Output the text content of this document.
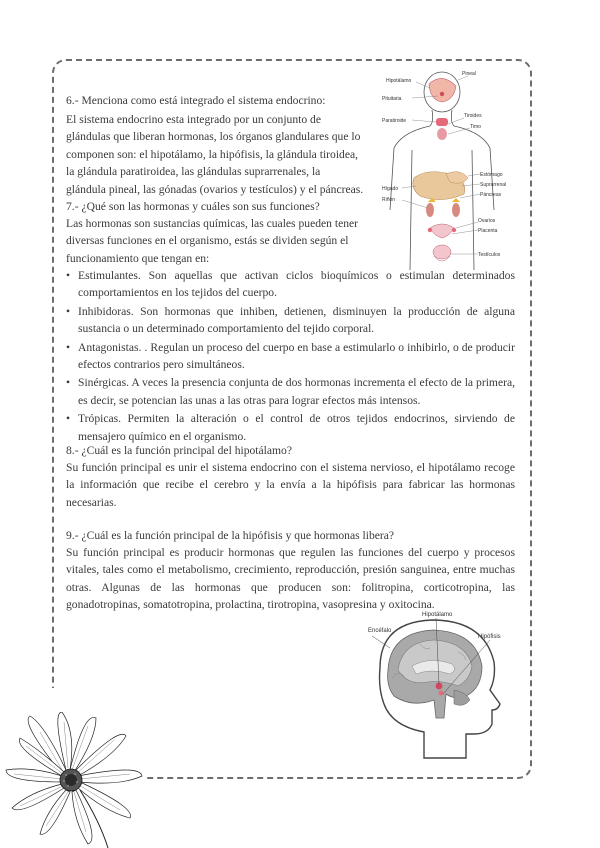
6.- Menciona como está integrado el sistema endocrino:
El sistema endocrino esta integrado por un conjunto de
glándulas que liberan hormonas, los órganos glandulares que lo
componen son: el hipotálamo, la hipófisis, la glándula tiroidea,
la glándula paratiroidea, las glándulas suprarrenales, la
glándula pineal, las gónadas (ovarios y testículos) y el páncreas.
7.- ¿Qué son las hormonas y cuáles son sus funciones?
Las hormonas son sustancias químicas, las cuales pueden tener
diversas funciones en el organismo, estás se dividen según el
funcionamiento que tengan en:
• Estimulantes. Son aquellas que activan ciclos bioquímicos o estimulan determinados comportamientos en los tejidos del cuerpo.
• Inhibidoras. Son hormonas que inhiben, detienen, disminuyen la producción de alguna sustancia o un determinado comportamiento del tejido corporal.
• Antagonistas. . Regulan un proceso del cuerpo en base a estimularlo o inhibirlo, o de producir efectos contrarios pero simultáneos.
• Sinérgicas. A veces la presencia conjunta de dos hormonas incrementa el efecto de la primera, es decir, se potencian las unas a las otras para lograr efectos más intensos.
• Trópicas. Permiten la alteración o el control de otros tejidos endocrinos, sirviendo de mensajero químico en el organismo.
8.- ¿Cuál es la función principal del hipotálamo?
Su función principal es unir el sistema endocrino con el sistema nervioso, el hipotálamo recoge la información que recibe el cerebro y la envía a la hipófisis para fabricar las hormonas necesarias.
9.- ¿Cuál es la función principal de la hipófisis y que hormonas libera?
Su función principal es producir hormonas que regulen las funciones del cuerpo y procesos vitales, tales como el metabolismo, crecimiento, reproducción, presión sanguinea, entre muchas otras. Algunas de las hormonas que producen son: folitropina, corticotropina, las gonadotropinas, somatotropina, prolactina, tirotropina, vasopresina y oxitocina.
Hipotálamo
Pineal
Pituitaria
Tiroides
Timo
Paratiroide
Estómago
Suprarrenal
Páncreas
Hígado
Riñón
Ovarios
Placenta
Testículos
Encéfalo
Hipotálamo
Hipófisis
